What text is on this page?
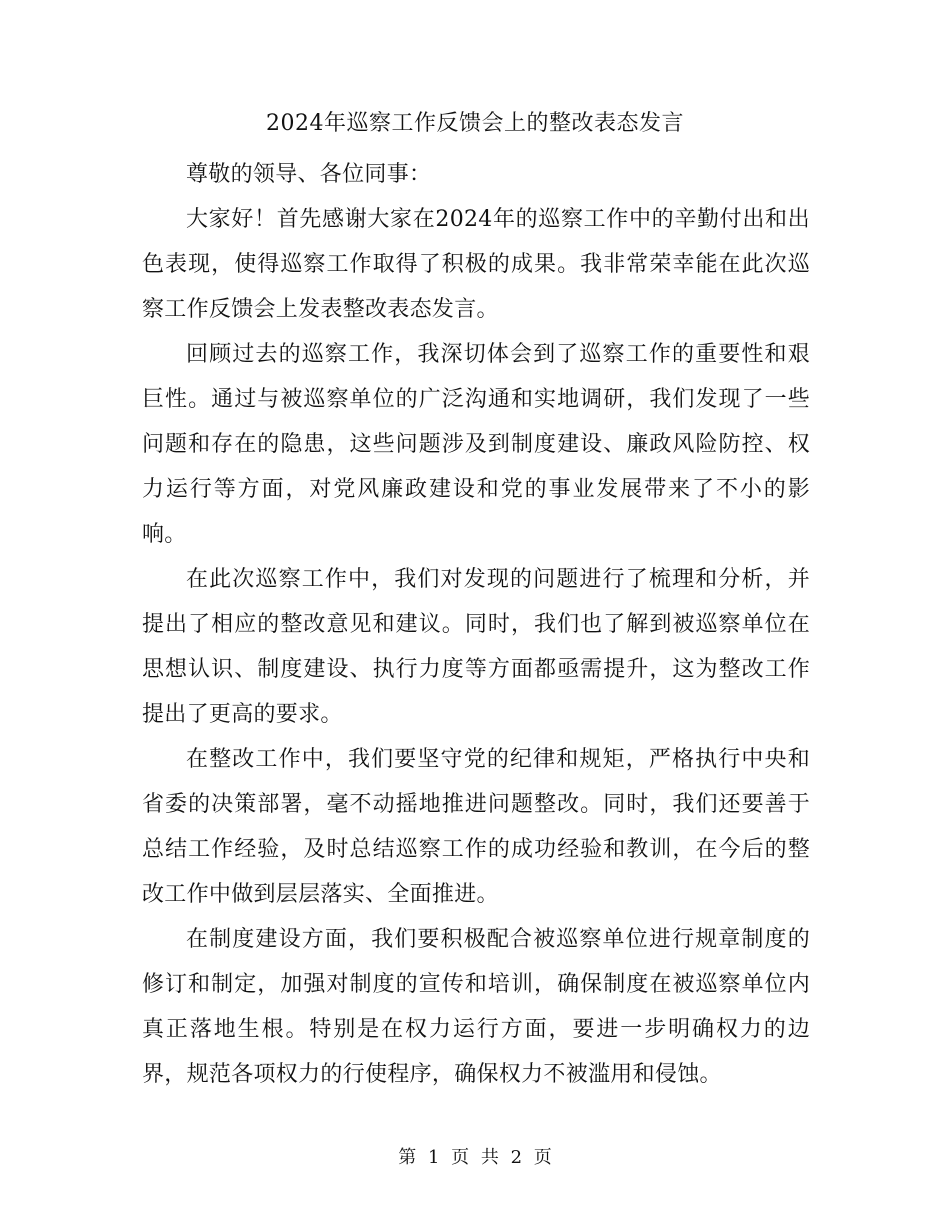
2024年巡察工作反馈会上的整改表态发言

尊敬的领导、各位同事：

大家好！首先感谢大家在2024年的巡察工作中的辛勤付出和出色表现，使得巡察工作取得了积极的成果。我非常荣幸能在此次巡察工作反馈会上发表整改表态发言。

回顾过去的巡察工作，我深切体会到了巡察工作的重要性和艰巨性。通过与被巡察单位的广泛沟通和实地调研，我们发现了一些问题和存在的隐患，这些问题涉及到制度建设、廉政风险防控、权力运行等方面，对党风廉政建设和党的事业发展带来了不小的影响。

在此次巡察工作中，我们对发现的问题进行了梳理和分析，并提出了相应的整改意见和建议。同时，我们也了解到被巡察单位在思想认识、制度建设、执行力度等方面都亟需提升，这为整改工作提出了更高的要求。

在整改工作中，我们要坚守党的纪律和规矩，严格执行中央和省委的决策部署，毫不动摇地推进问题整改。同时，我们还要善于总结工作经验，及时总结巡察工作的成功经验和教训，在今后的整改工作中做到层层落实、全面推进。

在制度建设方面，我们要积极配合被巡察单位进行规章制度的修订和制定，加强对制度的宣传和培训，确保制度在被巡察单位内真正落地生根。特别是在权力运行方面，要进一步明确权力的边界，规范各项权力的行使程序，确保权力不被滥用和侵蚀。

第 1 页 共 2 页
